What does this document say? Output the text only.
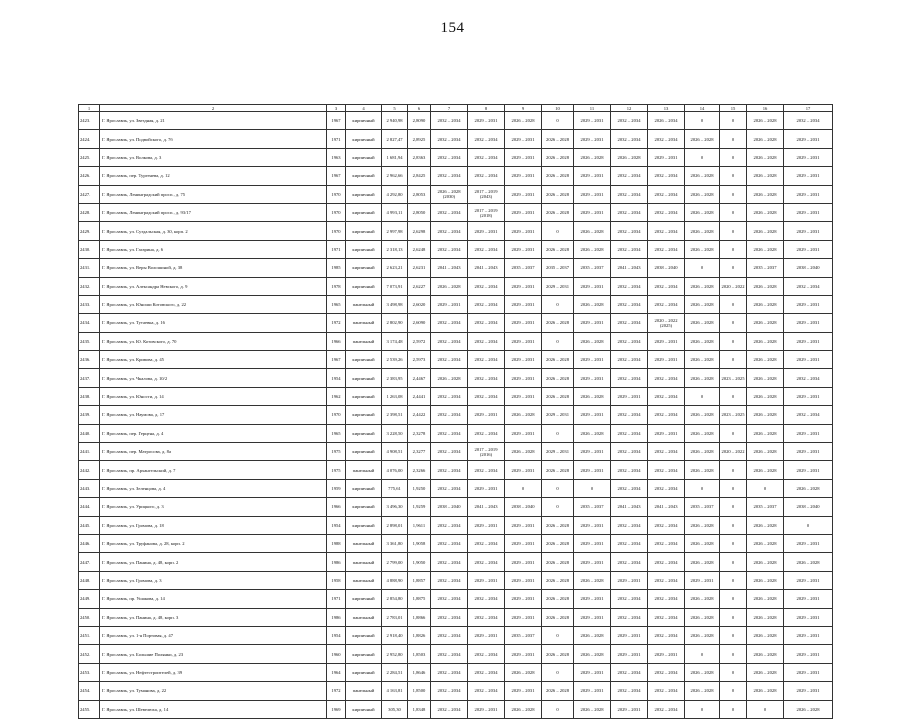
154
1	2	3	4	5	6	7	8	9	10	11	12	13	14	15	16	17
2423.	Г. Ярославль, ул. Звездная, д. 21	1967	кирпичный	2 940,98	2,8090	2032 – 2034	2029 – 2031	2026 – 2028	0	2029 – 2031	2032 – 2034	2026 – 2034	0	0	2026 – 2028	2032 – 2034
2424.	Г. Ярославль, ул. Подвойского, д. 7б	1971	кирпичный	2 827,47	2,8925	2032 – 2034	2032 – 2034	2029 – 2031	2026 – 2028	2029 – 2031	2032 – 2034	2032 – 2034	2026 – 2028	0	2026 – 2028	2029 – 2031
2425.	Г. Ярославль, ул. Волкова, д. 3	1963	кирпичный	1 681,94	2,8363	2032 – 2034	2032 – 2034	2029 – 2031	2026 – 2028	2026 – 2028	2026 – 2028	2029 – 2031	0	0	2026 – 2028	2029 – 2031
2426.	Г. Ярославль, пер. Тургенева, д. 12	1967	кирпичный	2 962,66	2,8425	2032 – 2034	2032 – 2034	2029 – 2031	2026 – 2028	2029 – 2031	2032 – 2034	2032 – 2034	2026 – 2028	0	2026 – 2028	2029 – 2031
2427.	Г. Ярославль, Ленинградский просп., д. 75	1970	кирпичный	4 292,80	2,8053	2026 – 2028 (2030)	2017 – 2019 (2043)	2029 – 2031	2026 – 2028	2029 – 2031	2032 – 2034	2032 – 2034	2026 – 2028	0	2026 – 2028	2029 – 2031
2428.	Г. Ярославль, Ленинградский просп., д. 93/17	1970	кирпичный	4 993,11	2,8050	2032 – 2034	2017 – 2019 (2018)	2029 – 2031	2026 – 2028	2029 – 2031	2032 – 2034	2032 – 2034	2026 – 2028	0	2026 – 2028	2029 – 2031
2429.	Г. Ярославль, ул. Суздальская, д. 30, корп. 2	1970	кирпичный	2 997,98	2,6298	2032 – 2034	2029 – 2031	2029 – 2031	0	2026 – 2028	2032 – 2034	2032 – 2034	2026 – 2028	0	2026 – 2028	2029 – 2031
2430.	Г. Ярославль, ул. Гагарина, д. 6	1971	кирпичный	2 318,13	2,6248	2032 – 2034	2032 – 2034	2029 – 2031	2026 – 2028	2026 – 2028	2032 – 2034	2032 – 2034	2026 – 2028	0	2026 – 2028	2029 – 2031
2431.	Г. Ярославль, ул. Веры Волошиной, д. 38	1985	кирпичный	2 623,21	2,6231	2041 – 2043	2041 – 2043	2035 – 2037	2035 – 2037	2035 – 2037	2041 – 2043	2038 – 2040	0	0	2035 – 2037	2038 – 2040
2432.	Г. Ярославль, ул. Александра Невского, д. 9	1978	кирпичный	7 073,91	2,6227	2026 – 2028	2032 – 2034	2029 – 2031	2029 – 2031	2029 – 2031	2032 – 2034	2032 – 2034	2026 – 2028	2020 – 2022	2026 – 2028	2032 – 2034
2433.	Г. Ярославль, ул. Юноши Котовского, д. 22	1965	панельный	3 498,98	2,6020	2029 – 2031	2032 – 2034	2029 – 2031	0	2026 – 2028	2032 – 2034	2032 – 2034	2026 – 2028	0	2026 – 2028	2029 – 2031
2434.	Г. Ярославль, ул. Тутаевка, д. 16	1972	панельный	2 802,90	2,6090	2032 – 2034	2032 – 2034	2029 – 2031	2026 – 2028	2029 – 2031	2032 – 2034	2020 – 2022 (2025)	2026 – 2028	0	2026 – 2028	2029 – 2031
2435.	Г. Ярославль, ул. Ю. Котовского, д. 70	1966	панельный	3 174,48	2,5972	2032 – 2034	2032 – 2034	2029 – 2031	0	2026 – 2028	2032 – 2034	2029 – 2031	2026 – 2028	0	2026 – 2028	2029 – 2031
2436.	Г. Ярославль, ул. Кривова, д. 45	1967	кирпичный	2 539,26	2,5973	2032 – 2034	2032 – 2034	2029 – 2031	2026 – 2028	2029 – 2031	2032 – 2034	2029 – 2031	2026 – 2028	0	2026 – 2028	2029 – 2031
2437.	Г. Ярославль, ул. Чкалова, д. 10/2	1954	кирпичный	2 383,95	2,4467	2026 – 2028	2032 – 2034	2029 – 2031	2026 – 2028	2029 – 2031	2032 – 2034	2032 – 2034	2026 – 2028	2023 – 2025	2026 – 2028	2032 – 2034
2438.	Г. Ярославль, ул. Юности, д. 14	1962	кирпичный	1 263,08	2,4441	2032 – 2034	2032 – 2034	2029 – 2031	2026 – 2028	2026 – 2028	2029 – 2031	2032 – 2034	0	0	2026 – 2028	2029 – 2031
2439.	Г. Ярославль, ул. Наумова, д. 17	1970	кирпичный	2 398,51	2,4422	2032 – 2034	2029 – 2031	2026 – 2028	2029 – 2031	2029 – 2031	2032 – 2034	2032 – 2034	2026 – 2028	2023 – 2025	2026 – 2028	2032 – 2034
2440.	Г. Ярославль, пер. Герцена, д. 4	1965	кирпичный	3 228,50	2,3278	2032 – 2034	2032 – 2034	2029 – 2031	0	2026 – 2028	2032 – 2034	2029 – 2031	2026 – 2028	0	2026 – 2028	2029 – 2031
2441.	Г. Ярославль, пер. Матросова, д. 8а	1975	кирпичный	4 908,51	2,3277	2032 – 2034	2017 – 2019 (2016)	2026 – 2028	2029 – 2031	2029 – 2031	2032 – 2034	2032 – 2034	2026 – 2028	2020 – 2022	2026 – 2028	2029 – 2031
2442.	Г. Ярославль, пр. Архангельский, д. 7	1975	панельный	4 076,00	2,3266	2032 – 2034	2032 – 2034	2029 – 2031	2026 – 2028	2029 – 2031	2032 – 2034	2032 – 2034	2026 – 2028	0	2026 – 2028	2029 – 2031
2443.	Г. Ярославль, ул. Зеленцова, д. 4	1959	кирпичный	775,61	1,9250	2032 – 2034	2029 – 2031	0	0	0	2032 – 2034	2032 – 2034	0	0	0	2026 – 2028
2444.	Г. Ярославль, ул. Урицкого, д. 3	1966	кирпичный	3 496,30	1,9259	2038 – 2040	2041 – 2043	2038 – 2040	0	2035 – 2037	2041 – 2043	2041 – 2043	2035 – 2037	0	2035 – 2037	2038 – 2040
2445.	Г. Ярославль, ул. Громова, д. 18	1954	кирпичный	2 898,01	1,9611	2032 – 2034	2029 – 2031	2029 – 2031	2026 – 2028	2029 – 2031	2032 – 2034	2032 – 2034	2026 – 2028	0	2026 – 2028	0
2446.	Г. Ярославль, ул. Труфанова, д. 28, корп. 2	1988	панельный	3 361,80	1,9058	2032 – 2034	2032 – 2034	2029 – 2031	2026 – 2028	2029 – 2031	2032 – 2034	2032 – 2034	2026 – 2028	0	2026 – 2028	2029 – 2031
2447.	Г. Ярославль, ул. Панина, д. 48, корп. 2	1986	панельный	2 799,00	1,9050	2032 – 2034	2032 – 2034	2029 – 2031	2026 – 2028	2029 – 2031	2032 – 2034	2032 – 2034	2026 – 2028	0	2026 – 2028	2026 – 2028
2448.	Г. Ярославль, ул. Громова, д. 3	1958	панельный	4 888,90	1,8857	2032 – 2034	2029 – 2031	2029 – 2031	2026 – 2028	2026 – 2028	2029 – 2031	2032 – 2034	2029 – 2031	0	2026 – 2028	2029 – 2031
2449.	Г. Ярославль, пр. Ушакова, д. 14	1971	кирпичный	2 854,80	1,8875	2032 – 2034	2032 – 2034	2029 – 2031	2026 – 2028	2029 – 2031	2032 – 2034	2032 – 2034	2026 – 2028	0	2026 – 2028	2029 – 2031
2450.	Г. Ярославль, ул. Панина, д. 48, корп. 3	1986	панельный	2 783,01	1,8866	2032 – 2034	2032 – 2034	2029 – 2031	2026 – 2028	2029 – 2031	2032 – 2034	2032 – 2034	2026 – 2028	0	2026 – 2028	2029 – 2031
2451.	Г. Ярославль, ул. 1-я Портовая, д. 47	1954	кирпичный	2 918,40	1,8826	2032 – 2034	2029 – 2031	2035 – 2037	0	2026 – 2028	2029 – 2031	2032 – 2034	2026 – 2028	0	2026 – 2028	2029 – 2031
2452.	Г. Ярославль, ул. Большие Полянки, д. 23	1960	кирпичный	2 952,80	1,8503	2032 – 2034	2032 – 2034	2029 – 2031	2026 – 2028	2026 – 2028	2029 – 2031	2029 – 2031	0	0	2026 – 2028	2029 – 2031
2453.	Г. Ярославль, ул. Нефтестроителей, д. 39	1964	кирпичный	2 284,51	1,8646	2032 – 2034	2032 – 2034	2026 – 2028	0	2029 – 2031	2032 – 2034	2032 – 2034	2026 – 2028	0	2026 – 2028	2029 – 2031
2454.	Г. Ярославль, ул. Туманова, д. 22	1972	панельный	4 163,81	1,8500	2032 – 2034	2032 – 2034	2029 – 2031	2026 – 2028	2029 – 2031	2032 – 2034	2032 – 2034	2026 – 2028	0	2026 – 2028	2029 – 2031
2455.	Г. Ярославль, ул. Шевелюха, д. 14	1969	кирпичный	305,30	1,8348	2032 – 2034	2029 – 2031	2026 – 2028	0	2026 – 2028	2029 – 2031	2032 – 2034	0	0	0	2026 – 2028
